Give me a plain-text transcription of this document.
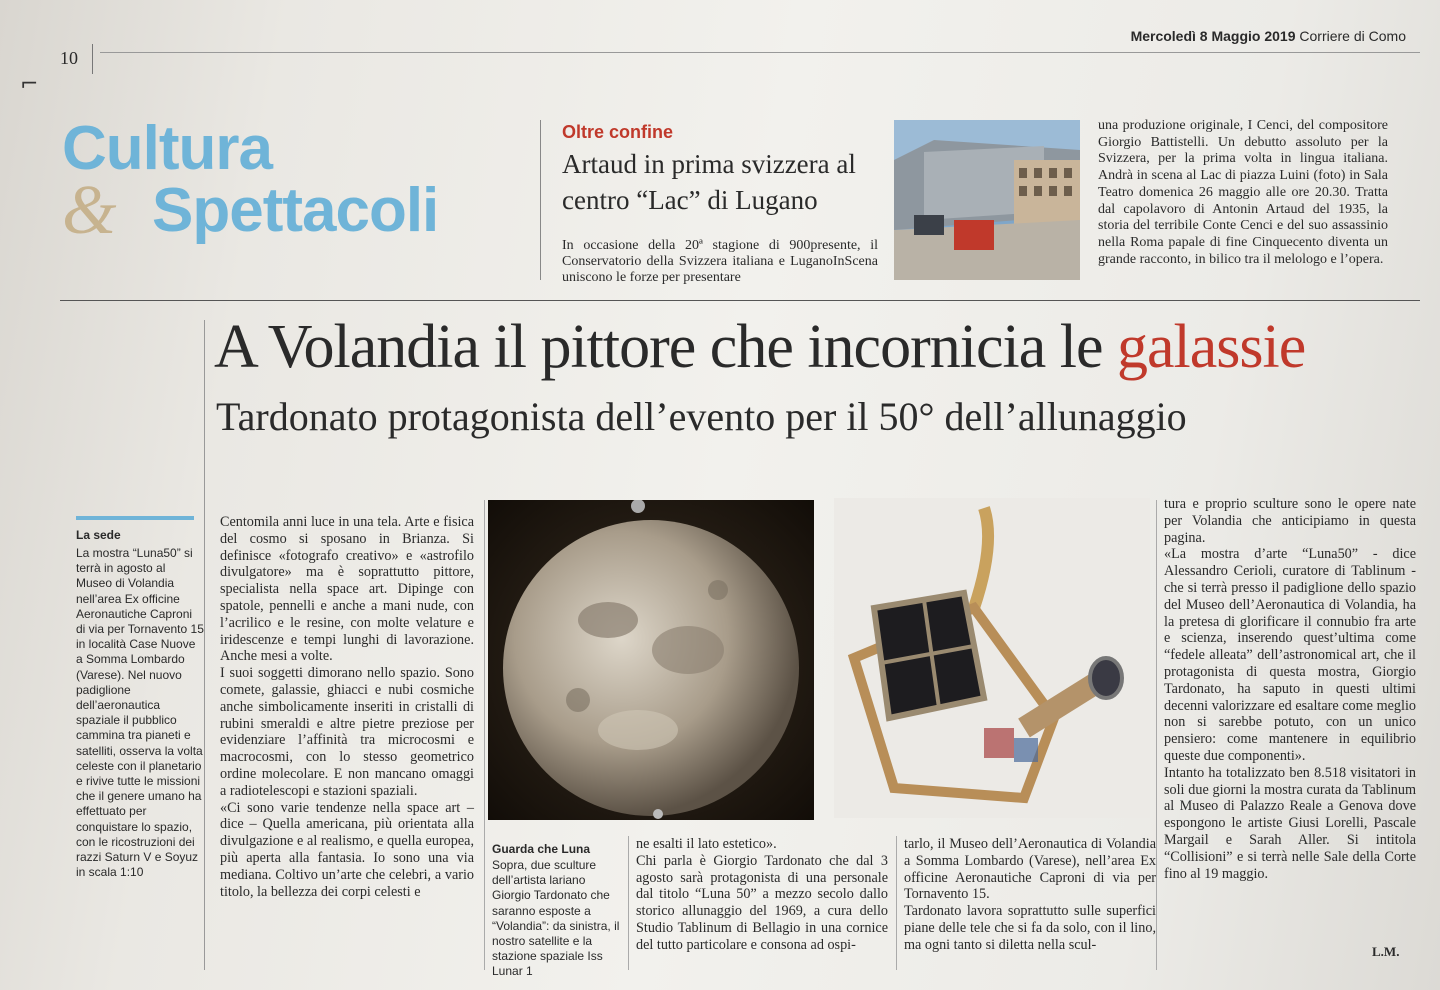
10
⌐
Mercoledì 8 Maggio 2019 Corriere di Como
Cultura
& Spettacoli
Oltre confine
Artaud in prima svizzera al centro “Lac” di Lugano
In occasione della 20ª stagione di 900presente, il Conservatorio della Svizzera italiana e LuganoInScena uniscono le forze per presentare
una produzione originale, I Cenci, del compositore Giorgio Battistelli. Un debutto assoluto per la Svizzera, per la prima volta in lingua italiana. Andrà in scena al Lac di piazza Luini (foto) in Sala Teatro domenica 26 maggio alle ore 20.30. Tratta dal capolavoro di Antonin Artaud del 1935, la storia del terribile Conte Cenci e del suo assassinio nella Roma papale di fine Cinquecento diventa un grande racconto, in bilico tra il melologo e l’opera.
A Volandia il pittore che incornicia le galassie
Tardonato protagonista dell’evento per il 50° dell’allunaggio
La sede
La mostra “Luna50” si terrà in agosto al Museo di Volandia nell’area Ex officine Aeronautiche Caproni di via per Tornavento 15 in località Case Nuove a Somma Lombardo (Varese). Nel nuovo padiglione dell’aeronautica spaziale il pubblico cammina tra pianeti e satelliti, osserva la volta celeste con il planetario e rivive tutte le missioni che il genere umano ha effettuato per conquistare lo spazio, con le ricostruzioni dei razzi Saturn V e Soyuz in scala 1:10
Centomila anni luce in una tela. Arte e fisica del cosmo si sposano in Brianza. Si definisce «fotografo creativo» e «astrofilo divulgatore» ma è soprattutto pittore, specialista nella space art. Dipinge con spatole, pennelli e anche a mani nude, con l’acrilico e le resine, con molte velature e iridescenze e tempi lunghi di lavorazione. Anche mesi a volte.
I suoi soggetti dimorano nello spazio. Sono comete, galassie, ghiacci e nubi cosmiche anche simbolicamente inseriti in cristalli di rubini smeraldi e altre pietre preziose per evidenziare l’affinità tra microcosmi e macrocosmi, con lo stesso geometrico ordine molecolare. E non mancano omaggi a radiotelescopi e stazioni spaziali.
«Ci sono varie tendenze nella space art – dice – Quella americana, più orientata alla divulgazione e al realismo, e quella europea, più aperta alla fantasia. Io sono una via mediana. Coltivo un’arte che celebri, a vario titolo, la bellezza dei corpi celesti e
Guarda che Luna
Sopra, due sculture dell’artista lariano Giorgio Tardonato che saranno esposte a “Volandia”: da sinistra, il nostro satellite e la stazione spaziale Iss Lunar 1
ne esalti il lato estetico».
Chi parla è Giorgio Tardonato che dal 3 agosto sarà protagonista di una personale dal titolo “Luna 50” a mezzo secolo dallo storico allunaggio del 1969, a cura dello Studio Tablinum di Bellagio in una cornice del tutto particolare e consona ad ospi-
tarlo, il Museo dell’Aeronautica di Volandia a Somma Lombardo (Varese), nell’area Ex officine Aeronautiche Caproni di via per Tornavento 15.
Tardonato lavora soprattutto sulle superfici piane delle tele che si fa da solo, con il lino, ma ogni tanto si diletta nella scul-
tura e proprio sculture sono le opere nate per Volandia che anticipiamo in questa pagina.
«La mostra d’arte “Luna50” - dice Alessandro Cerioli, curatore di Tablinum - che si terrà presso il padiglione dello spazio del Museo dell’Aeronautica di Volandia, ha la pretesa di glorificare il connubio fra arte e scienza, inserendo quest’ultima come “fedele alleata” dell’astronomical art, che il protagonista di questa mostra, Giorgio Tardonato, ha saputo in questi ultimi decenni valorizzare ed esaltare come meglio non si sarebbe potuto, con un unico pensiero: come mantenere in equilibrio queste due componenti».
Intanto ha totalizzato ben 8.518 visitatori in soli due giorni la mostra curata da Tablinum al Museo di Palazzo Reale a Genova dove espongono le artiste Giusi Lorelli, Pascale Margail e Sarah Aller. Si intitola “Collisioni” e si terrà nelle Sale della Corte fino al 19 maggio.
L.M.
